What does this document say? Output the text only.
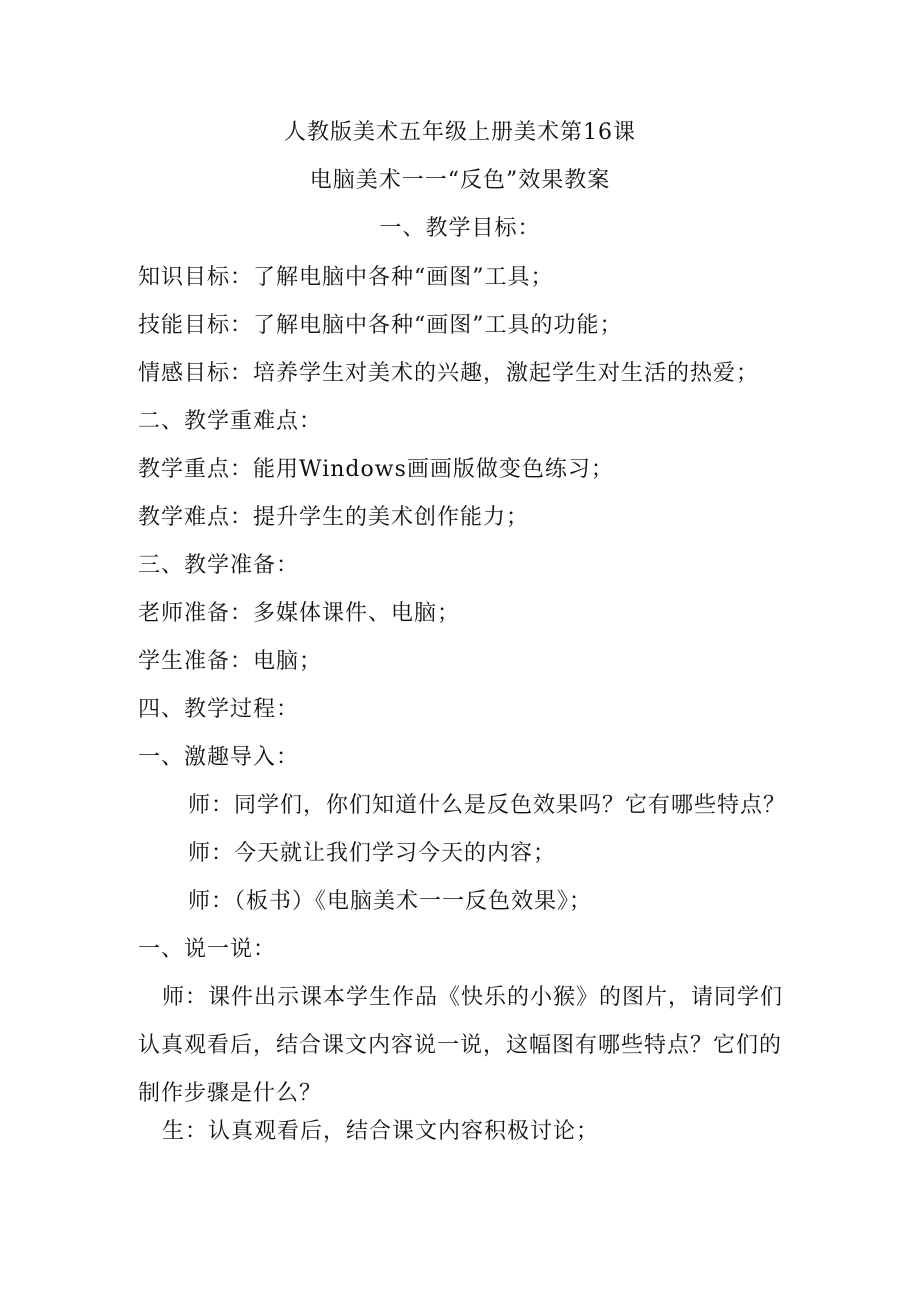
人教版美术五年级上册美术第16课
电脑美术一一“反色”效果教案
一、教学目标：
知识目标：了解电脑中各种“画图”工具；
技能目标：了解电脑中各种“画图”工具的功能；
情感目标：培养学生对美术的兴趣，激起学生对生活的热爱；
二、教学重难点：
教学重点：能用Windows画画版做变色练习；
教学难点：提升学生的美术创作能力；
三、教学准备：
老师准备：多媒体课件、电脑；
学生准备：电脑；
四、教学过程：
一、激趣导入：
师：同学们，你们知道什么是反色效果吗？它有哪些特点？
师：今天就让我们学习今天的内容；
师：（板书）《电脑美术一一反色效果》；
一、说一说：
师：课件出示课本学生作品《快乐的小猴》的图片，请同学们
认真观看后，结合课文内容说一说，这幅图有哪些特点？它们的
制作步骤是什么？
生：认真观看后，结合课文内容积极讨论；
